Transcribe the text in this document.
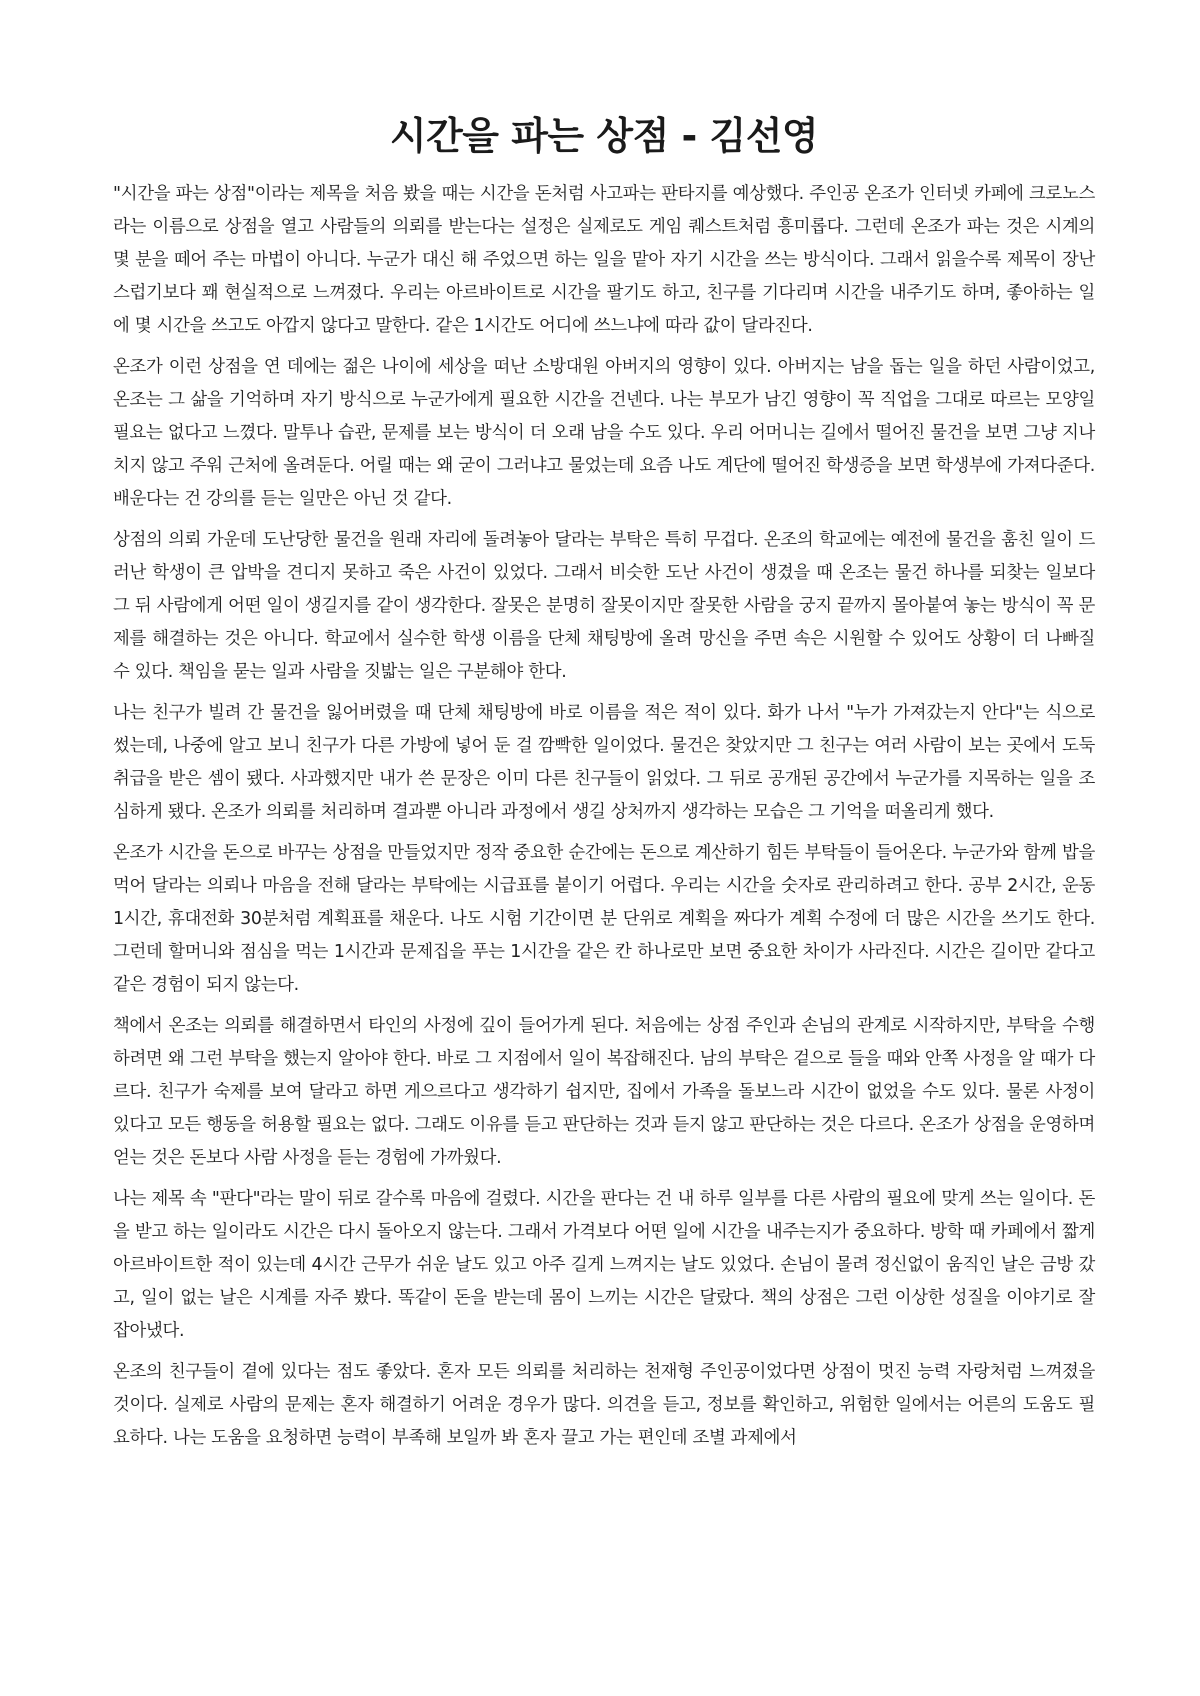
시간을 파는 상점 - 김선영

"시간을 파는 상점"이라는 제목을 처음 봤을 때는 시간을 돈처럼 사고파는 판타지를 예상했다. 주인공 온조가 인터넷 카페에 크로노스라는 이름으로 상점을 열고 사람들의 의뢰를 받는다는 설정은 실제로도 게임 퀘스트처럼 흥미롭다. 그런데 온조가 파는 것은 시계의 몇 분을 떼어 주는 마법이 아니다. 누군가 대신 해 주었으면 하는 일을 맡아 자기 시간을 쓰는 방식이다. 그래서 읽을수록 제목이 장난스럽기보다 꽤 현실적으로 느껴졌다. 우리는 아르바이트로 시간을 팔기도 하고, 친구를 기다리며 시간을 내주기도 하며, 좋아하는 일에 몇 시간을 쓰고도 아깝지 않다고 말한다. 같은 1시간도 어디에 쓰느냐에 따라 값이 달라진다.

온조가 이런 상점을 연 데에는 젊은 나이에 세상을 떠난 소방대원 아버지의 영향이 있다. 아버지는 남을 돕는 일을 하던 사람이었고, 온조는 그 삶을 기억하며 자기 방식으로 누군가에게 필요한 시간을 건넨다. 나는 부모가 남긴 영향이 꼭 직업을 그대로 따르는 모양일 필요는 없다고 느꼈다. 말투나 습관, 문제를 보는 방식이 더 오래 남을 수도 있다. 우리 어머니는 길에서 떨어진 물건을 보면 그냥 지나치지 않고 주워 근처에 올려둔다. 어릴 때는 왜 굳이 그러냐고 물었는데 요즘 나도 계단에 떨어진 학생증을 보면 학생부에 가져다준다. 배운다는 건 강의를 듣는 일만은 아닌 것 같다.

상점의 의뢰 가운데 도난당한 물건을 원래 자리에 돌려놓아 달라는 부탁은 특히 무겁다. 온조의 학교에는 예전에 물건을 훔친 일이 드러난 학생이 큰 압박을 견디지 못하고 죽은 사건이 있었다. 그래서 비슷한 도난 사건이 생겼을 때 온조는 물건 하나를 되찾는 일보다 그 뒤 사람에게 어떤 일이 생길지를 같이 생각한다. 잘못은 분명히 잘못이지만 잘못한 사람을 궁지 끝까지 몰아붙여 놓는 방식이 꼭 문제를 해결하는 것은 아니다. 학교에서 실수한 학생 이름을 단체 채팅방에 올려 망신을 주면 속은 시원할 수 있어도 상황이 더 나빠질 수 있다. 책임을 묻는 일과 사람을 짓밟는 일은 구분해야 한다.

나는 친구가 빌려 간 물건을 잃어버렸을 때 단체 채팅방에 바로 이름을 적은 적이 있다. 화가 나서 "누가 가져갔는지 안다"는 식으로 썼는데, 나중에 알고 보니 친구가 다른 가방에 넣어 둔 걸 깜빡한 일이었다. 물건은 찾았지만 그 친구는 여러 사람이 보는 곳에서 도둑 취급을 받은 셈이 됐다. 사과했지만 내가 쓴 문장은 이미 다른 친구들이 읽었다. 그 뒤로 공개된 공간에서 누군가를 지목하는 일을 조심하게 됐다. 온조가 의뢰를 처리하며 결과뿐 아니라 과정에서 생길 상처까지 생각하는 모습은 그 기억을 떠올리게 했다.

온조가 시간을 돈으로 바꾸는 상점을 만들었지만 정작 중요한 순간에는 돈으로 계산하기 힘든 부탁들이 들어온다. 누군가와 함께 밥을 먹어 달라는 의뢰나 마음을 전해 달라는 부탁에는 시급표를 붙이기 어렵다. 우리는 시간을 숫자로 관리하려고 한다. 공부 2시간, 운동 1시간, 휴대전화 30분처럼 계획표를 채운다. 나도 시험 기간이면 분 단위로 계획을 짜다가 계획 수정에 더 많은 시간을 쓰기도 한다. 그런데 할머니와 점심을 먹는 1시간과 문제집을 푸는 1시간을 같은 칸 하나로만 보면 중요한 차이가 사라진다. 시간은 길이만 같다고 같은 경험이 되지 않는다.

책에서 온조는 의뢰를 해결하면서 타인의 사정에 깊이 들어가게 된다. 처음에는 상점 주인과 손님의 관계로 시작하지만, 부탁을 수행하려면 왜 그런 부탁을 했는지 알아야 한다. 바로 그 지점에서 일이 복잡해진다. 남의 부탁은 겉으로 들을 때와 안쪽 사정을 알 때가 다르다. 친구가 숙제를 보여 달라고 하면 게으르다고 생각하기 쉽지만, 집에서 가족을 돌보느라 시간이 없었을 수도 있다. 물론 사정이 있다고 모든 행동을 허용할 필요는 없다. 그래도 이유를 듣고 판단하는 것과 듣지 않고 판단하는 것은 다르다. 온조가 상점을 운영하며 얻는 것은 돈보다 사람 사정을 듣는 경험에 가까웠다.

나는 제목 속 "판다"라는 말이 뒤로 갈수록 마음에 걸렸다. 시간을 판다는 건 내 하루 일부를 다른 사람의 필요에 맞게 쓰는 일이다. 돈을 받고 하는 일이라도 시간은 다시 돌아오지 않는다. 그래서 가격보다 어떤 일에 시간을 내주는지가 중요하다. 방학 때 카페에서 짧게 아르바이트한 적이 있는데 4시간 근무가 쉬운 날도 있고 아주 길게 느껴지는 날도 있었다. 손님이 몰려 정신없이 움직인 날은 금방 갔고, 일이 없는 날은 시계를 자주 봤다. 똑같이 돈을 받는데 몸이 느끼는 시간은 달랐다. 책의 상점은 그런 이상한 성질을 이야기로 잘 잡아냈다.

온조의 친구들이 곁에 있다는 점도 좋았다. 혼자 모든 의뢰를 처리하는 천재형 주인공이었다면 상점이 멋진 능력 자랑처럼 느껴졌을 것이다. 실제로 사람의 문제는 혼자 해결하기 어려운 경우가 많다. 의견을 듣고, 정보를 확인하고, 위험한 일에서는 어른의 도움도 필요하다. 나는 도움을 요청하면 능력이 부족해 보일까 봐 혼자 끌고 가는 편인데 조별 과제에서
